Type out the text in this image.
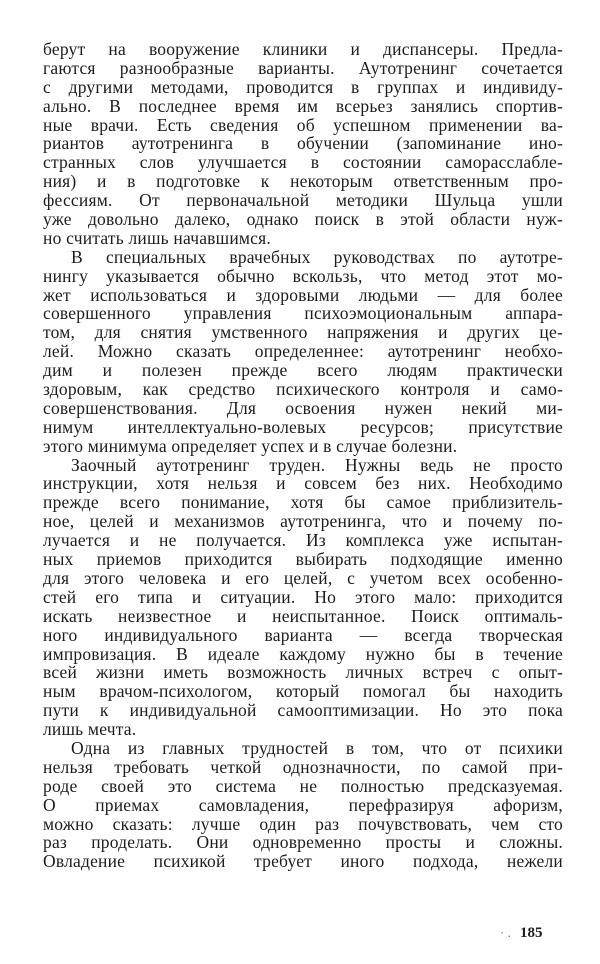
берут на вооружение клиники и диспансеры. Предла-
гаются разнообразные варианты. Аутотренинг сочетается
с другими методами, проводится в группах и индивиду-
ально. В последнее время им всерьез занялись спортив-
ные врачи. Есть сведения об успешном применении ва-
риантов аутотренинга в обучении (запоминание ино-
странных слов улучшается в состоянии саморасслабле-
ния) и в подготовке к некоторым ответственным про-
фессиям. От первоначальной методики Шульца ушли
уже довольно далеко, однако поиск в этой области нуж-
но считать лишь начавшимся.
В специальных врачебных руководствах по аутотре-
нингу указывается обычно вскользь, что метод этот мо-
жет использоваться и здоровыми людьми — для более
совершенного управления психоэмоциональным аппара-
том, для снятия умственного напряжения и других це-
лей. Можно сказать определеннее: аутотренинг необхо-
дим и полезен прежде всего людям практически
здоровым, как средство психического контроля и само-
совершенствования. Для освоения нужен некий ми-
нимум интеллектуально-волевых ресурсов; присутствие
этого минимума определяет успех и в случае болезни.
Заочный аутотренинг труден. Нужны ведь не просто
инструкции, хотя нельзя и совсем без них. Необходимо
прежде всего понимание, хотя бы самое приблизитель-
ное, целей и механизмов аутотренинга, что и почему по-
лучается и не получается. Из комплекса уже испытан-
ных приемов приходится выбирать подходящие именно
для этого человека и его целей, с учетом всех особенно-
стей его типа и ситуации. Но этого мало: приходится
искать неизвестное и неиспытанное. Поиск оптималь-
ного индивидуального варианта — всегда творческая
импровизация. В идеале каждому нужно бы в течение
всей жизни иметь возможность личных встреч с опыт-
ным врачом-психологом, который помогал бы находить
пути к индивидуальной самооптимизации. Но это пока
лишь мечта.
Одна из главных трудностей в том, что от психики
нельзя требовать четкой однозначности, по самой при-
роде своей это система не полностью предсказуемая.
О приемах самовладения, перефразируя афоризм,
можно сказать: лучше один раз почувствовать, чем сто
раз проделать. Они одновременно просты и сложны.
Овладение психикой требует иного подхода, нежели
· . 185
